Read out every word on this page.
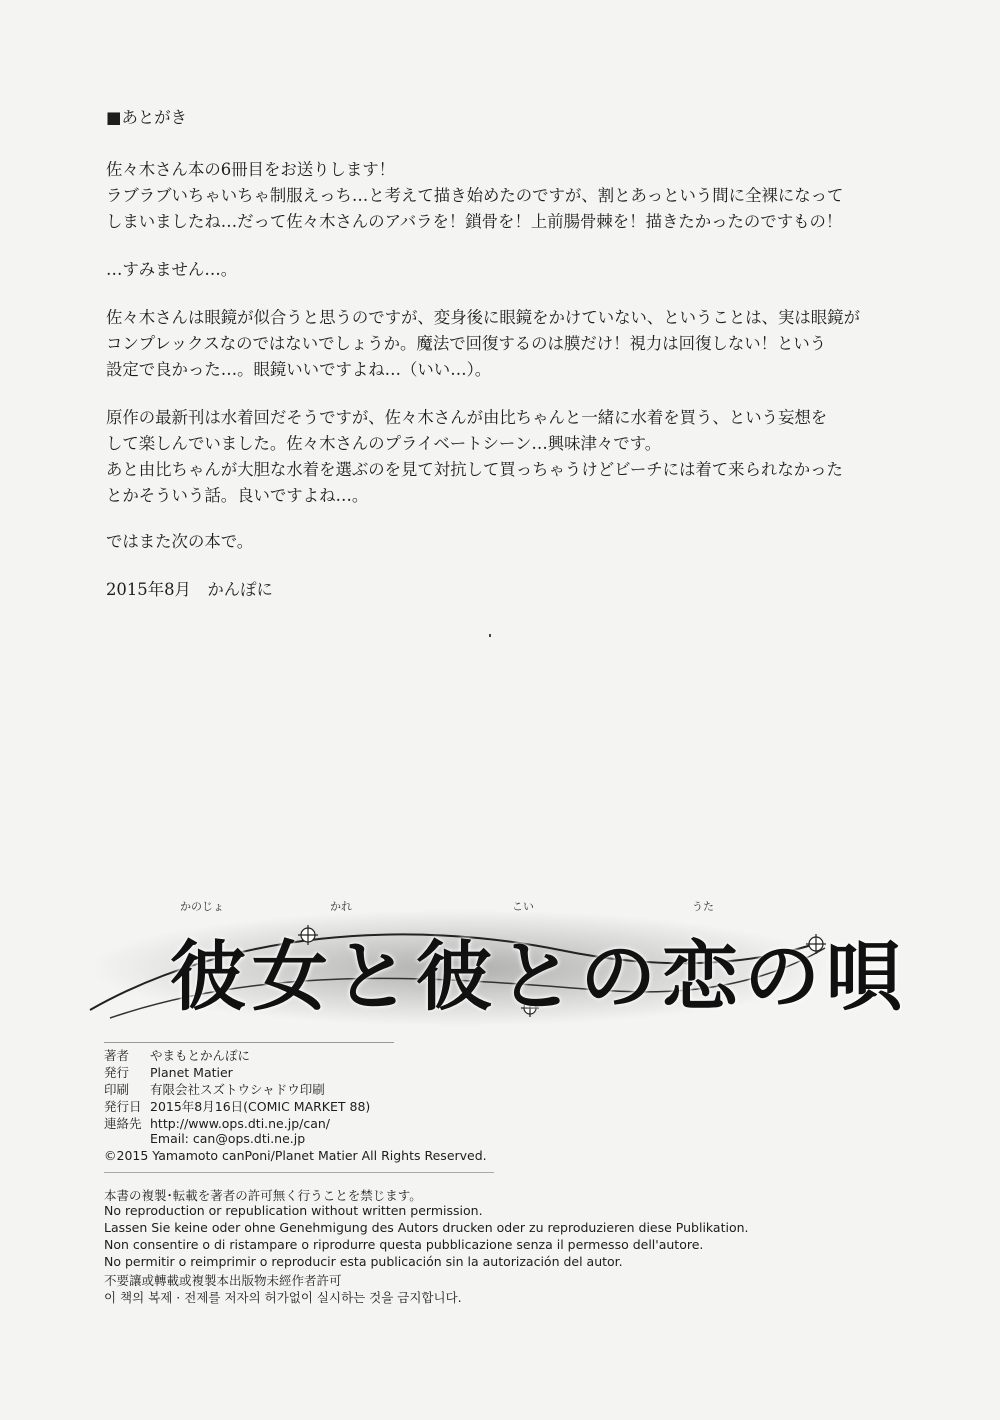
■あとがき
佐々木さん本の6冊目をお送りします！
ラブラブいちゃいちゃ制服えっち…と考えて描き始めたのですが、割とあっという間に全裸になって
しまいましたね…だって佐々木さんのアバラを！鎖骨を！上前腸骨棘を！描きたかったのですもの！
…すみません…。
佐々木さんは眼鏡が似合うと思うのですが、変身後に眼鏡をかけていない、ということは、実は眼鏡が
コンプレックスなのではないでしょうか。魔法で回復するのは膜だけ！視力は回復しない！という
設定で良かった…。眼鏡いいですよね…（いい…）。
原作の最新刊は水着回だそうですが、佐々木さんが由比ちゃんと一緒に水着を買う、という妄想を
して楽しんでいました。佐々木さんのプライベートシーン…興味津々です。
あと由比ちゃんが大胆な水着を選ぶのを見て対抗して買っちゃうけどビーチには着て来られなかった
とかそういう話。良いですよね…。
ではまた次の本で。
2015年8月　かんぽに
かのじょ	かれ	こい	うた
彼女と彼との恋の唄
著者 やまもとかんぽに
発行 Planet Matier
印刷 有限会社スズトウシャドウ印刷
発行日 2015年8月16日(COMIC MARKET 88)
連絡先 http://www.ops.dti.ne.jp/can/
Email: can@ops.dti.ne.jp
©2015 Yamamoto canPoni/Planet Matier All Rights Reserved.
本書の複製･転載を著者の許可無く行うことを禁じます。
No reproduction or republication without written permission.
Lassen Sie keine oder ohne Genehmigung des Autors drucken oder zu reproduzieren diese Publikation.
Non consentire o di ristampare o riprodurre questa pubblicazione senza il permesso dell'autore.
No permitir o reimprimir o reproducir esta publicación sin la autorización del autor.
不要讓或轉載或複製本出版物未經作者許可
이 책의 복제 · 전제를 저자의 허가없이 실시하는 것을 금지합니다.
